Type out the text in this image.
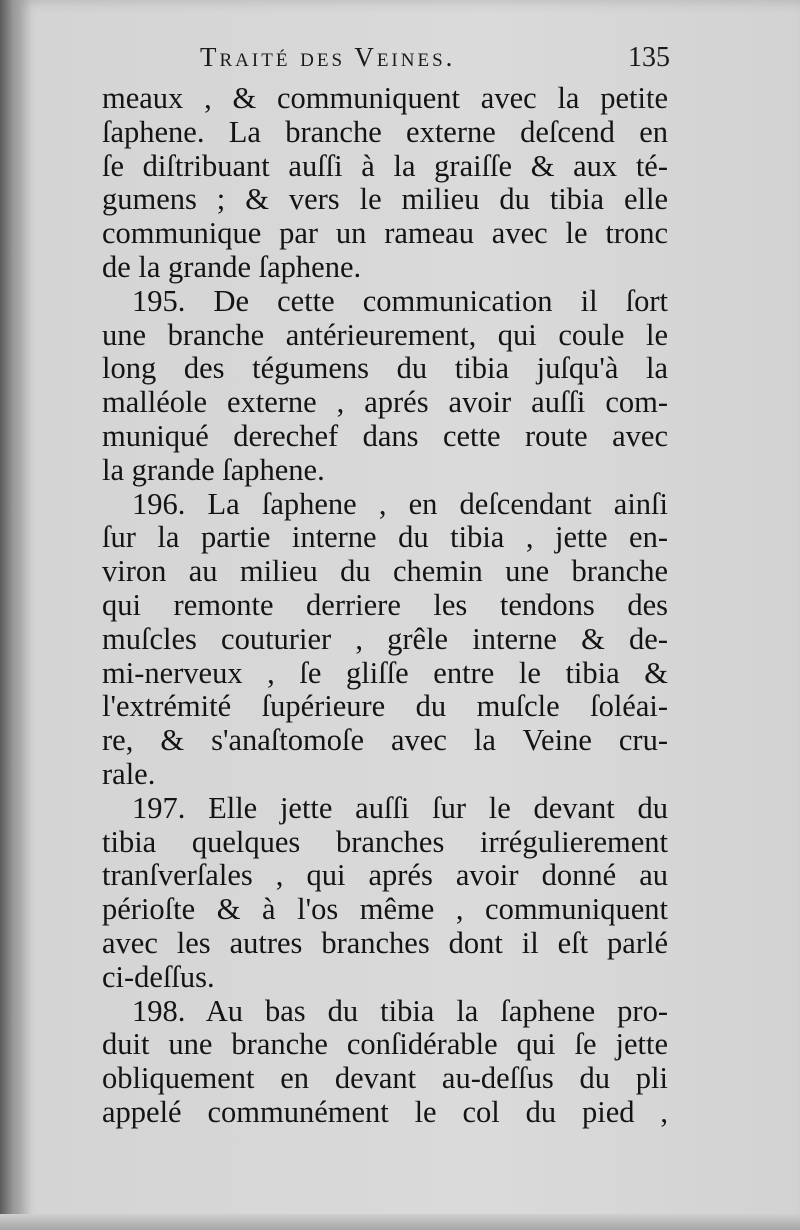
Traité des Veines.	135
meaux , & communiquent avec la petite
ſaphene. La branche externe deſcend en
ſe diſtribuant auſſi à la graiſſe & aux té-
gumens ; & vers le milieu du tibia elle
communique par un rameau avec le tronc
de la grande ſaphene.
195. De cette communication il ſort
une branche antérieurement, qui coule le
long des tégumens du tibia juſqu'à la
malléole externe , aprés avoir auſſi com-
muniqué derechef dans cette route avec
la grande ſaphene.
196. La ſaphene , en deſcendant ainſi
ſur la partie interne du tibia , jette en-
viron au milieu du chemin une branche
qui remonte derriere les tendons des
muſcles couturier , grêle interne & de-
mi-nerveux , ſe gliſſe entre le tibia &
l'extrémité ſupérieure du muſcle ſoléai-
re, & s'anaſtomoſe avec la Veine cru-
rale.
197. Elle jette auſſi ſur le devant du
tibia quelques branches irrégulierement
tranſverſales , qui aprés avoir donné au
périoſte & à l'os même , communiquent
avec les autres branches dont il eſt parlé
ci-deſſus.
198. Au bas du tibia la ſaphene pro-
duit une branche conſidérable qui ſe jette
obliquement en devant au-deſſus du pli
appelé communément le col du pied ,
